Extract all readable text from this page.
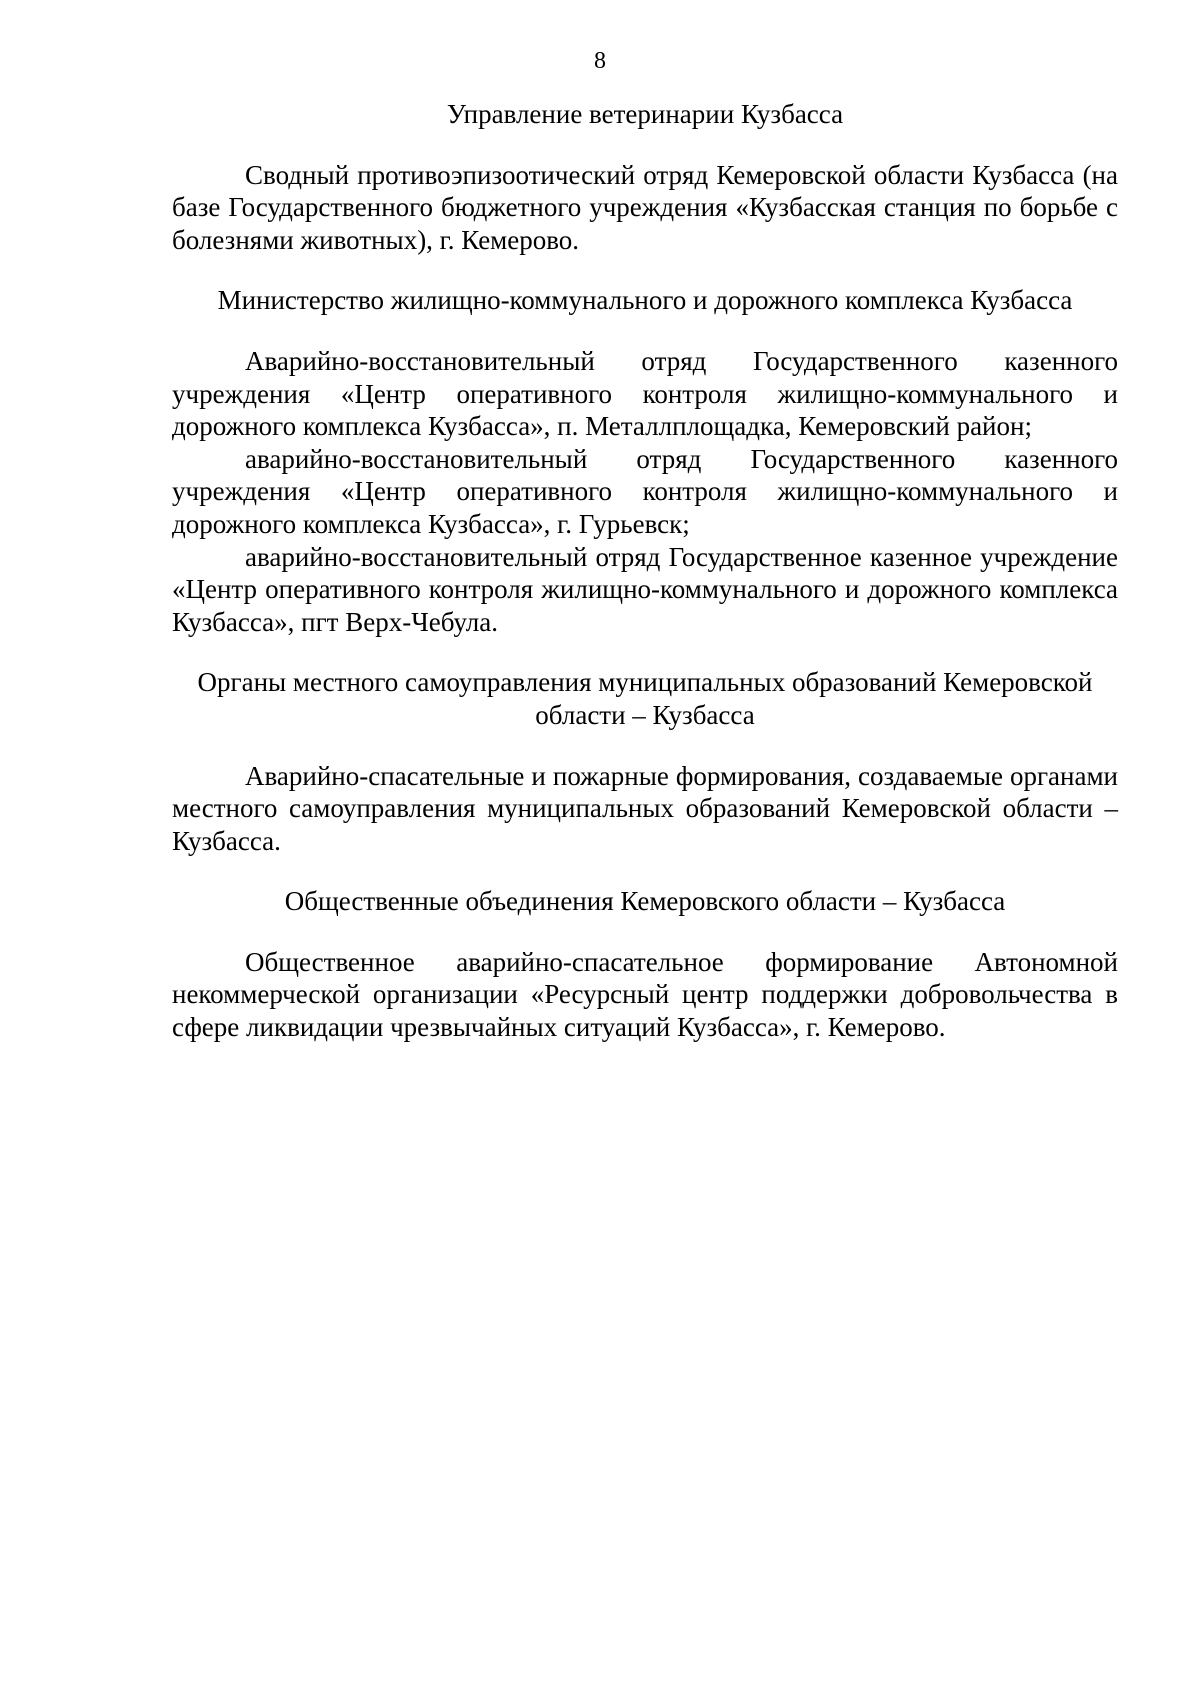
8

Управление ветеринарии Кузбасса

Сводный противоэпизоотический отряд Кемеровской области Кузбасса (на базе Государственного бюджетного учреждения «Кузбасская станция по борьбе с болезнями животных), г. Кемерово.

Министерство жилищно-коммунального и дорожного комплекса Кузбасса

Аварийно-восстановительный отряд Государственного казенного учреждения «Центр оперативного контроля жилищно-коммунального и дорожного комплекса Кузбасса», п. Металлплощадка, Кемеровский район;

аварийно-восстановительный отряд Государственного казенного учреждения «Центр оперативного контроля жилищно-коммунального и дорожного комплекса Кузбасса», г. Гурьевск;

аварийно-восстановительный отряд Государственное казенное учреждение «Центр оперативного контроля жилищно-коммунального и дорожного комплекса Кузбасса», пгт Верх-Чебула.

Органы местного самоуправления муниципальных образований Кемеровской области – Кузбасса

Аварийно-спасательные и пожарные формирования, создаваемые органами местного самоуправления муниципальных образований Кемеровской области – Кузбасса.

Общественные объединения Кемеровского области – Кузбасса

Общественное аварийно-спасательное формирование Автономной некоммерческой организации «Ресурсный центр поддержки добровольчества в сфере ликвидации чрезвычайных ситуаций Кузбасса», г. Кемерово.
